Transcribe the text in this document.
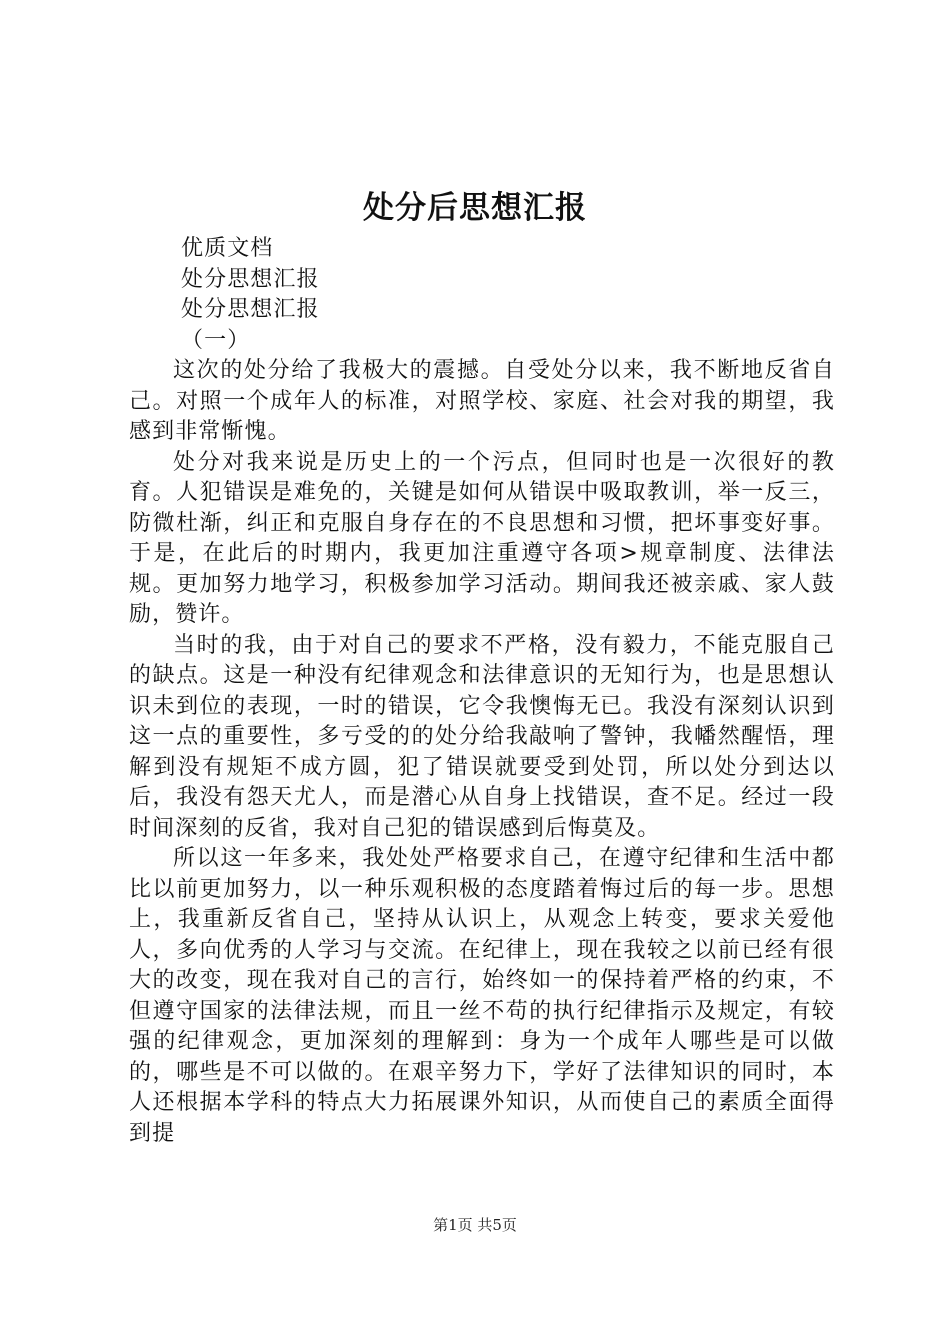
处分后思想汇报

优质文档

处分思想汇报

处分思想汇报

（一）

这次的处分给了我极大的震撼。自受处分以来，我不断地反省自己。对照一个成年人的标准，对照学校、家庭、社会对我的期望，我感到非常惭愧。

处分对我来说是历史上的一个污点，但同时也是一次很好的教育。人犯错误是难免的，关键是如何从错误中吸取教训，举一反三，防微杜渐，纠正和克服自身存在的不良思想和习惯，把坏事变好事。于是，在此后的时期内，我更加注重遵守各项>规章制度、法律法规。更加努力地学习，积极参加学习活动。期间我还被亲戚、家人鼓励，赞许。

当时的我，由于对自己的要求不严格，没有毅力，不能克服自己的缺点。这是一种没有纪律观念和法律意识的无知行为，也是思想认识未到位的表现，一时的错误，它令我懊悔无已。我没有深刻认识到这一点的重要性，多亏受的的处分给我敲响了警钟，我幡然醒悟，理解到没有规矩不成方圆，犯了错误就要受到处罚，所以处分到达以后，我没有怨天尤人，而是潜心从自身上找错误，查不足。经过一段时间深刻的反省，我对自己犯的错误感到后悔莫及。

所以这一年多来，我处处严格要求自己，在遵守纪律和生活中都比以前更加努力，以一种乐观积极的态度踏着悔过后的每一步。思想上，我重新反省自己，坚持从认识上，从观念上转变，要求关爱他人，多向优秀的人学习与交流。在纪律上，现在我较之以前已经有很大的改变，现在我对自己的言行，始终如一的保持着严格的约束，不但遵守国家的法律法规，而且一丝不苟的执行纪律指示及规定，有较强的纪律观念，更加深刻的理解到：身为一个成年人哪些是可以做的，哪些是不可以做的。在艰辛努力下，学好了法律知识的同时，本人还根据本学科的特点大力拓展课外知识，从而使自己的素质全面得到提

第1页 共5页
